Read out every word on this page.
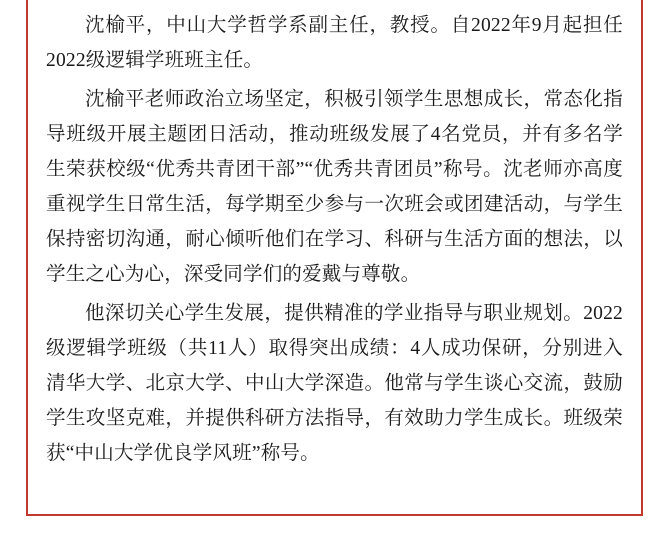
沈榆平，中山大学哲学系副主任，教授。自2022年9月起担任2022级逻辑学班班主任。

沈榆平老师政治立场坚定，积极引领学生思想成长，常态化指导班级开展主题团日活动，推动班级发展了4名党员，并有多名学生荣获校级“优秀共青团干部”“优秀共青团员”称号。沈老师亦高度重视学生日常生活，每学期至少参与一次班会或团建活动，与学生保持密切沟通，耐心倾听他们在学习、科研与生活方面的想法，以学生之心为心，深受同学们的爱戴与尊敬。

他深切关心学生发展，提供精准的学业指导与职业规划。2022级逻辑学班级（共11人）取得突出成绩：4人成功保研，分别进入清华大学、北京大学、中山大学深造。他常与学生谈心交流，鼓励学生攻坚克难，并提供科研方法指导，有效助力学生成长。班级荣获“中山大学优良学风班”称号。
